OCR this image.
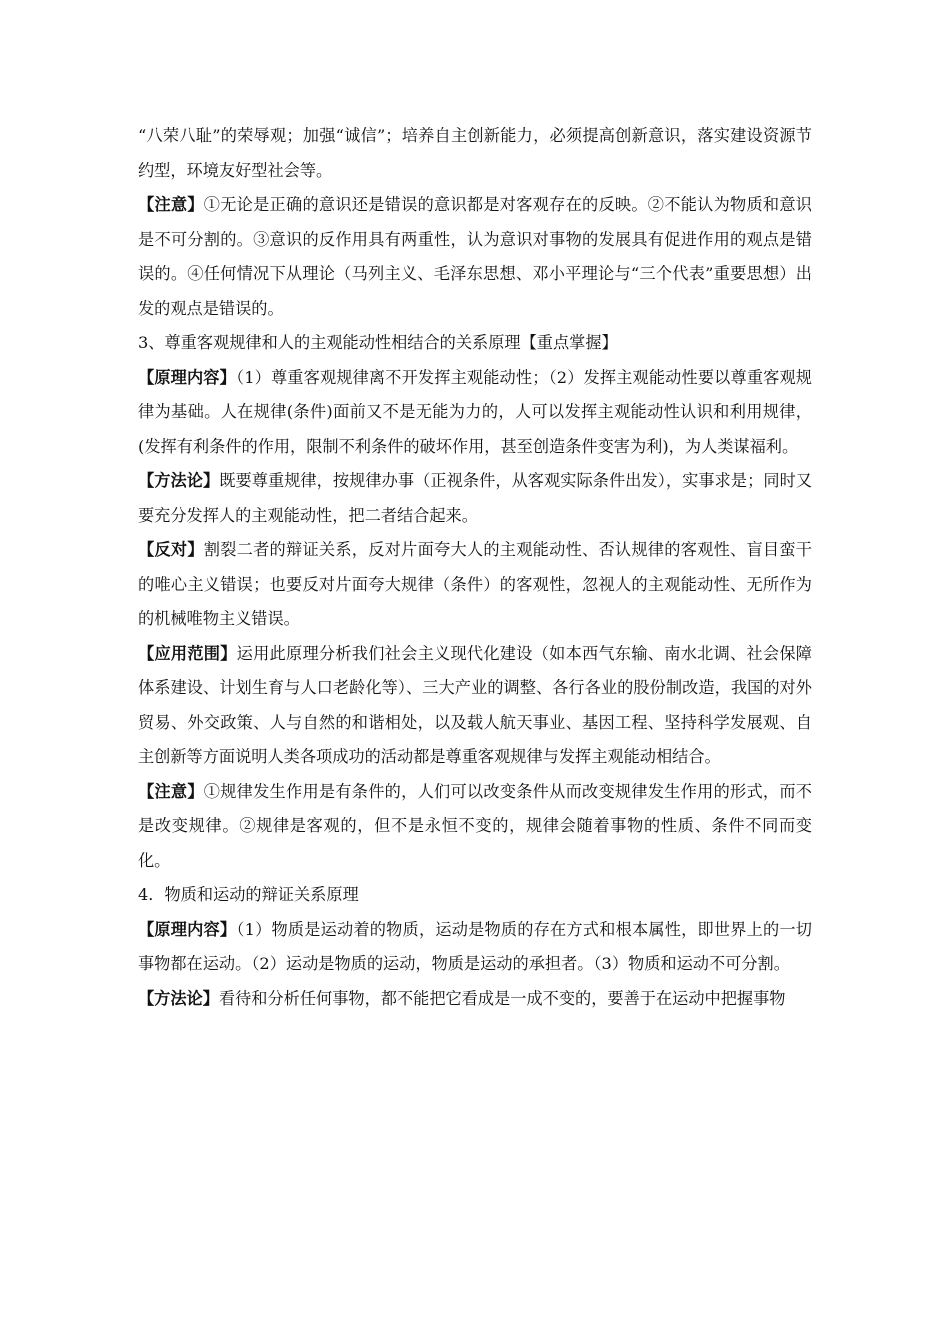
“八荣八耻”的荣辱观；加强“诚信”；培养自主创新能力，必须提高创新意识，落实建设资源节约型，环境友好型社会等。

【注意】①无论是正确的意识还是错误的意识都是对客观存在的反映。②不能认为物质和意识是不可分割的。③意识的反作用具有两重性，认为意识对事物的发展具有促进作用的观点是错误的。④任何情况下从理论（马列主义、毛泽东思想、邓小平理论与“三个代表”重要思想）出发的观点是错误的。

3、尊重客观规律和人的主观能动性相结合的关系原理【重点掌握】

【原理内容】（1）尊重客观规律离不开发挥主观能动性；（2）发挥主观能动性要以尊重客观规律为基础。人在规律(条件)面前又不是无能为力的，人可以发挥主观能动性认识和利用规律，(发挥有利条件的作用，限制不利条件的破坏作用，甚至创造条件变害为利)，为人类谋福利。

【方法论】既要尊重规律，按规律办事（正视条件，从客观实际条件出发），实事求是；同时又要充分发挥人的主观能动性，把二者结合起来。

【反对】割裂二者的辩证关系，反对片面夸大人的主观能动性、否认规律的客观性、盲目蛮干的唯心主义错误；也要反对片面夸大规律（条件）的客观性，忽视人的主观能动性、无所作为的机械唯物主义错误。

【应用范围】运用此原理分析我们社会主义现代化建设（如本西气东输、南水北调、社会保障体系建设、计划生育与人口老龄化等）、三大产业的调整、各行各业的股份制改造，我国的对外贸易、外交政策、人与自然的和谐相处，以及载人航天事业、基因工程、坚持科学发展观、自主创新等方面说明人类各项成功的活动都是尊重客观规律与发挥主观能动相结合。

【注意】①规律发生作用是有条件的，人们可以改变条件从而改变规律发生作用的形式，而不是改变规律。②规律是客观的，但不是永恒不变的，规律会随着事物的性质、条件不同而变化。

4．物质和运动的辩证关系原理

【原理内容】（1）物质是运动着的物质，运动是物质的存在方式和根本属性，即世界上的一切事物都在运动。（2）运动是物质的运动，物质是运动的承担者。（3）物质和运动不可分割。

【方法论】看待和分析任何事物，都不能把它看成是一成不变的，要善于在运动中把握事物
